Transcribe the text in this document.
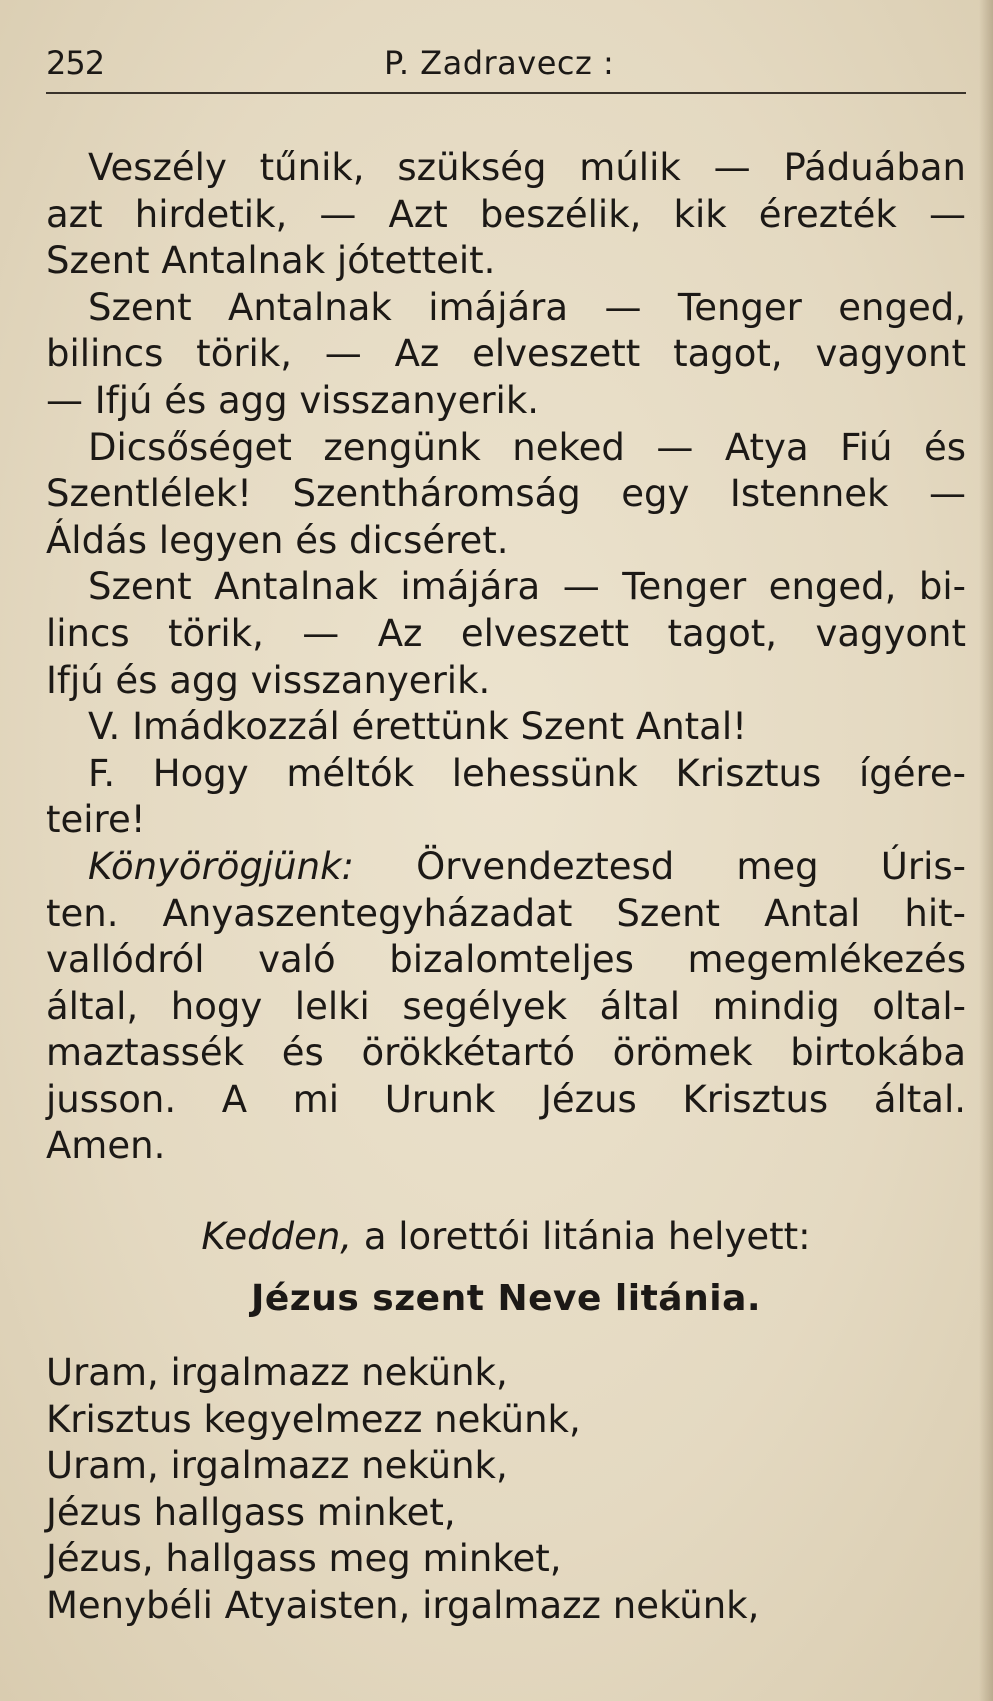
252	P. Zadravecz :
Veszély tűnik, szükség múlik — Páduában
azt hirdetik, — Azt beszélik, kik érezték —
Szent Antalnak jótetteit.
Szent Antalnak imájára — Tenger enged,
bilincs törik, — Az elveszett tagot, vagyont
— Ifjú és agg visszanyerik.
Dicsőséget zengünk neked — Atya Fiú és
Szentlélek! Szentháromság egy Istennek —
Áldás legyen és dicséret.
Szent Antalnak imájára — Tenger enged, bi-
lincs törik, — Az elveszett tagot, vagyont
Ifjú és agg visszanyerik.
V. Imádkozzál érettünk Szent Antal!
F. Hogy méltók lehessünk Krisztus ígére-
teire!
Könyörögjünk: Örvendeztesd meg Úris-
ten. Anyaszentegyházadat Szent Antal hit-
vallódról való bizalomteljes megemlékezés
által, hogy lelki segélyek által mindig oltal-
maztassék és örökkétartó örömek birtokába
jusson. A mi Urunk Jézus Krisztus által.
Amen.
Kedden, a lorettói litánia helyett:
Jézus szent Neve litánia.
Uram, irgalmazz nekünk,
Krisztus kegyelmezz nekünk,
Uram, irgalmazz nekünk,
Jézus hallgass minket,
Jézus, hallgass meg minket,
Menybéli Atyaisten, irgalmazz nekünk,
